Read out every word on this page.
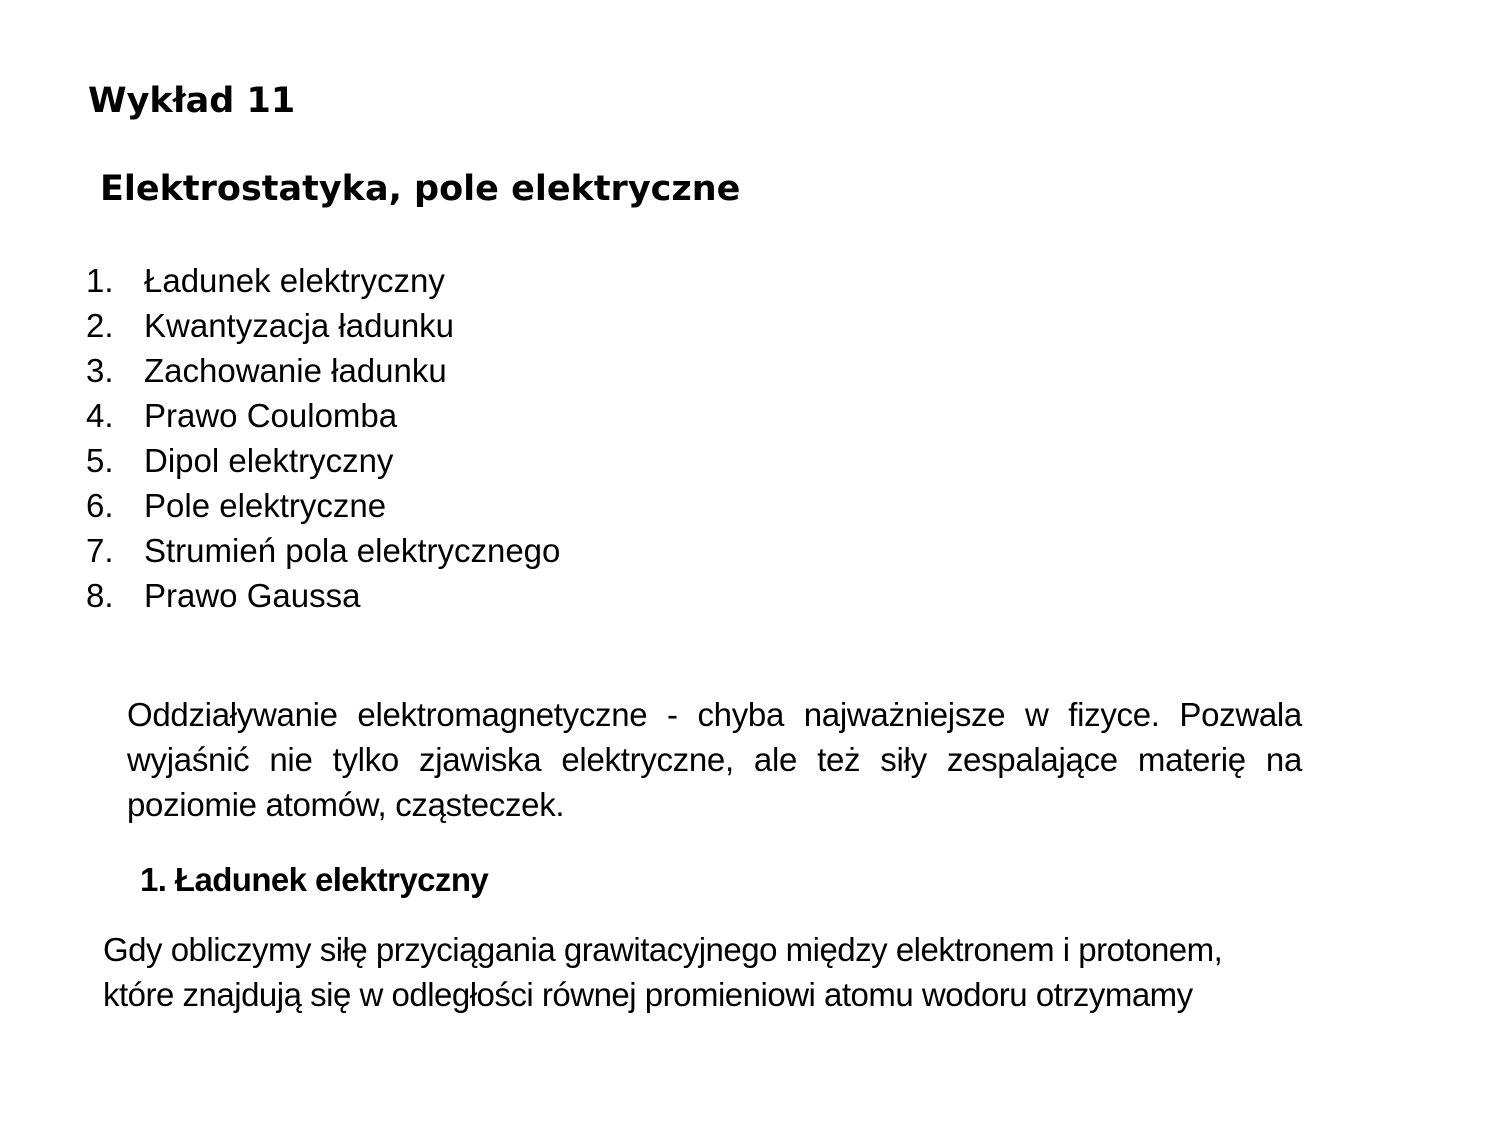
Wykład 11
Elektrostatyka, pole elektryczne
1. Ładunek elektryczny
2. Kwantyzacja ładunku
3. Zachowanie ładunku
4. Prawo Coulomba
5. Dipol elektryczny
6. Pole elektryczne
7. Strumień pola elektrycznego
8. Prawo Gaussa
Oddziaływanie elektromagnetyczne - chyba najważniejsze w fizyce. Pozwala wyjaśnić nie tylko zjawiska elektryczne, ale też siły zespalające materię na poziomie atomów, cząsteczek.
1. Ładunek elektryczny
Gdy obliczymy siłę przyciągania grawitacyjnego między elektronem i protonem,
które znajdują się w odległości równej promieniowi atomu wodoru otrzymamy
